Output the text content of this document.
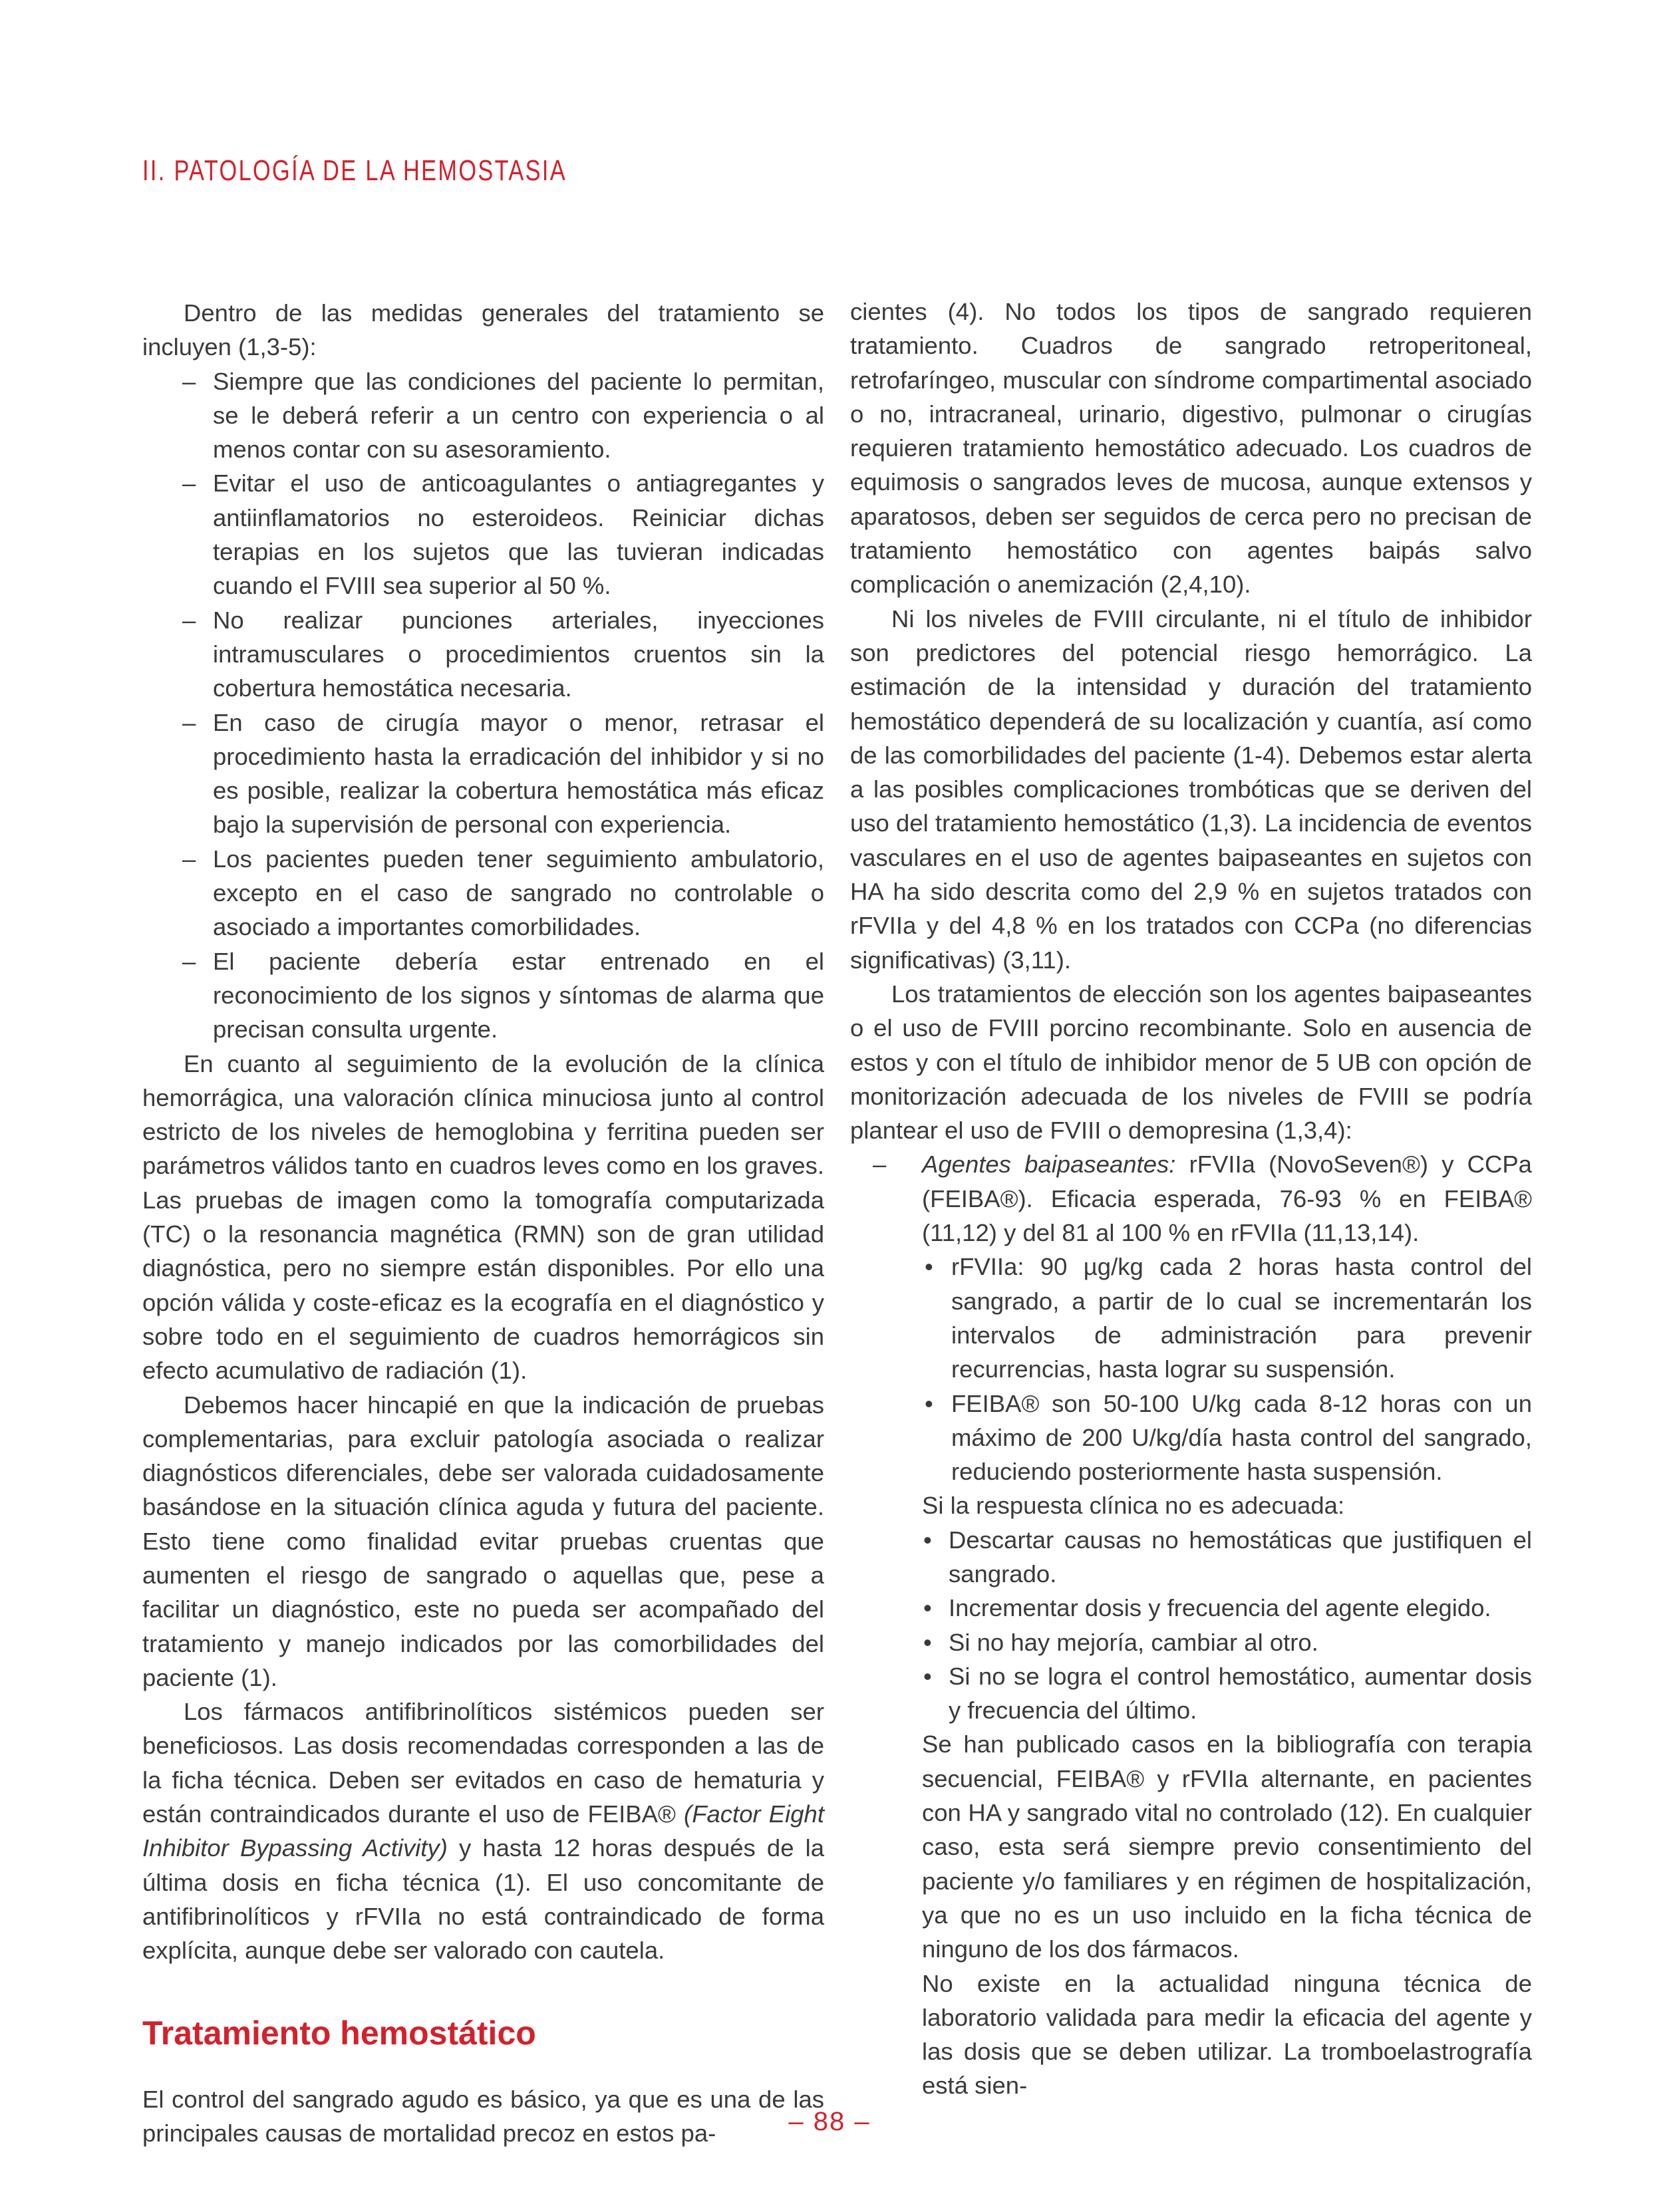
II. PATOLOGÍA DE LA HEMOSTASIA

Dentro de las medidas generales del tratamiento se incluyen (1,3-5):

– Siempre que las condiciones del paciente lo permitan, se le deberá referir a un centro con experiencia o al menos contar con su asesoramiento.
– Evitar el uso de anticoagulantes o antiagregantes y antiinflamatorios no esteroideos. Reiniciar dichas terapias en los sujetos que las tuvieran indicadas cuando el FVIII sea superior al 50 %.
– No realizar punciones arteriales, inyecciones intramusculares o procedimientos cruentos sin la cobertura hemostática necesaria.
– En caso de cirugía mayor o menor, retrasar el procedimiento hasta la erradicación del inhibidor y si no es posible, realizar la cobertura hemostática más eficaz bajo la supervisión de personal con experiencia.
– Los pacientes pueden tener seguimiento ambulatorio, excepto en el caso de sangrado no controlable o asociado a importantes comorbilidades.
– El paciente debería estar entrenado en el reconocimiento de los signos y síntomas de alarma que precisan consulta urgente.

En cuanto al seguimiento de la evolución de la clínica hemorrágica, una valoración clínica minuciosa junto al control estricto de los niveles de hemoglobina y ferritina pueden ser parámetros válidos tanto en cuadros leves como en los graves. Las pruebas de imagen como la tomografía computarizada (TC) o la resonancia magnética (RMN) son de gran utilidad diagnóstica, pero no siempre están disponibles. Por ello una opción válida y coste-eficaz es la ecografía en el diagnóstico y sobre todo en el seguimiento de cuadros hemorrágicos sin efecto acumulativo de radiación (1).

Debemos hacer hincapié en que la indicación de pruebas complementarias, para excluir patología asociada o realizar diagnósticos diferenciales, debe ser valorada cuidadosamente basándose en la situación clínica aguda y futura del paciente. Esto tiene como finalidad evitar pruebas cruentas que aumenten el riesgo de sangrado o aquellas que, pese a facilitar un diagnóstico, este no pueda ser acompañado del tratamiento y manejo indicados por las comorbilidades del paciente (1).

Los fármacos antifibrinolíticos sistémicos pueden ser beneficiosos. Las dosis recomendadas corresponden a las de la ficha técnica. Deben ser evitados en caso de hematuria y están contraindicados durante el uso de FEIBA® (Factor Eight Inhibitor Bypassing Activity) y hasta 12 horas después de la última dosis en ficha técnica (1). El uso concomitante de antifibrinolíticos y rFVIIa no está contraindicado de forma explícita, aunque debe ser valorado con cautela.

Tratamiento hemostático

El control del sangrado agudo es básico, ya que es una de las principales causas de mortalidad precoz en estos pa-

cientes (4). No todos los tipos de sangrado requieren tratamiento. Cuadros de sangrado retroperitoneal, retrofaríngeo, muscular con síndrome compartimental asociado o no, intracraneal, urinario, digestivo, pulmonar o cirugías requieren tratamiento hemostático adecuado. Los cuadros de equimosis o sangrados leves de mucosa, aunque extensos y aparatosos, deben ser seguidos de cerca pero no precisan de tratamiento hemostático con agentes baipás salvo complicación o anemización (2,4,10).

Ni los niveles de FVIII circulante, ni el título de inhibidor son predictores del potencial riesgo hemorrágico. La estimación de la intensidad y duración del tratamiento hemostático dependerá de su localización y cuantía, así como de las comorbilidades del paciente (1-4). Debemos estar alerta a las posibles complicaciones trombóticas que se deriven del uso del tratamiento hemostático (1,3). La incidencia de eventos vasculares en el uso de agentes baipaseantes en sujetos con HA ha sido descrita como del 2,9 % en sujetos tratados con rFVIIa y del 4,8 % en los tratados con CCPa (no diferencias significativas) (3,11).

Los tratamientos de elección son los agentes baipaseantes o el uso de FVIII porcino recombinante. Solo en ausencia de estos y con el título de inhibidor menor de 5 UB con opción de monitorización adecuada de los niveles de FVIII se podría plantear el uso de FVIII o demopresina (1,3,4):

– Agentes baipaseantes: rFVIIa (NovoSeven®) y CCPa (FEIBA®). Eficacia esperada, 76-93 % en FEIBA® (11,12) y del 81 al 100 % en rFVIIa (11,13,14).
• rFVIIa: 90 µg/kg cada 2 horas hasta control del sangrado, a partir de lo cual se incrementarán los intervalos de administración para prevenir recurrencias, hasta lograr su suspensión.
• FEIBA® son 50-100 U/kg cada 8-12 horas con un máximo de 200 U/kg/día hasta control del sangrado, reduciendo posteriormente hasta suspensión.

Si la respuesta clínica no es adecuada:

• Descartar causas no hemostáticas que justifiquen el sangrado.
• Incrementar dosis y frecuencia del agente elegido.
• Si no hay mejoría, cambiar al otro.
• Si no se logra el control hemostático, aumentar dosis y frecuencia del último.

Se han publicado casos en la bibliografía con terapia secuencial, FEIBA® y rFVIIa alternante, en pacientes con HA y sangrado vital no controlado (12). En cualquier caso, esta será siempre previo consentimiento del paciente y/o familiares y en régimen de hospitalización, ya que no es un uso incluido en la ficha técnica de ninguno de los dos fármacos.

No existe en la actualidad ninguna técnica de laboratorio validada para medir la eficacia del agente y las dosis que se deben utilizar. La tromboelastrografía está sien-

– 88 –
